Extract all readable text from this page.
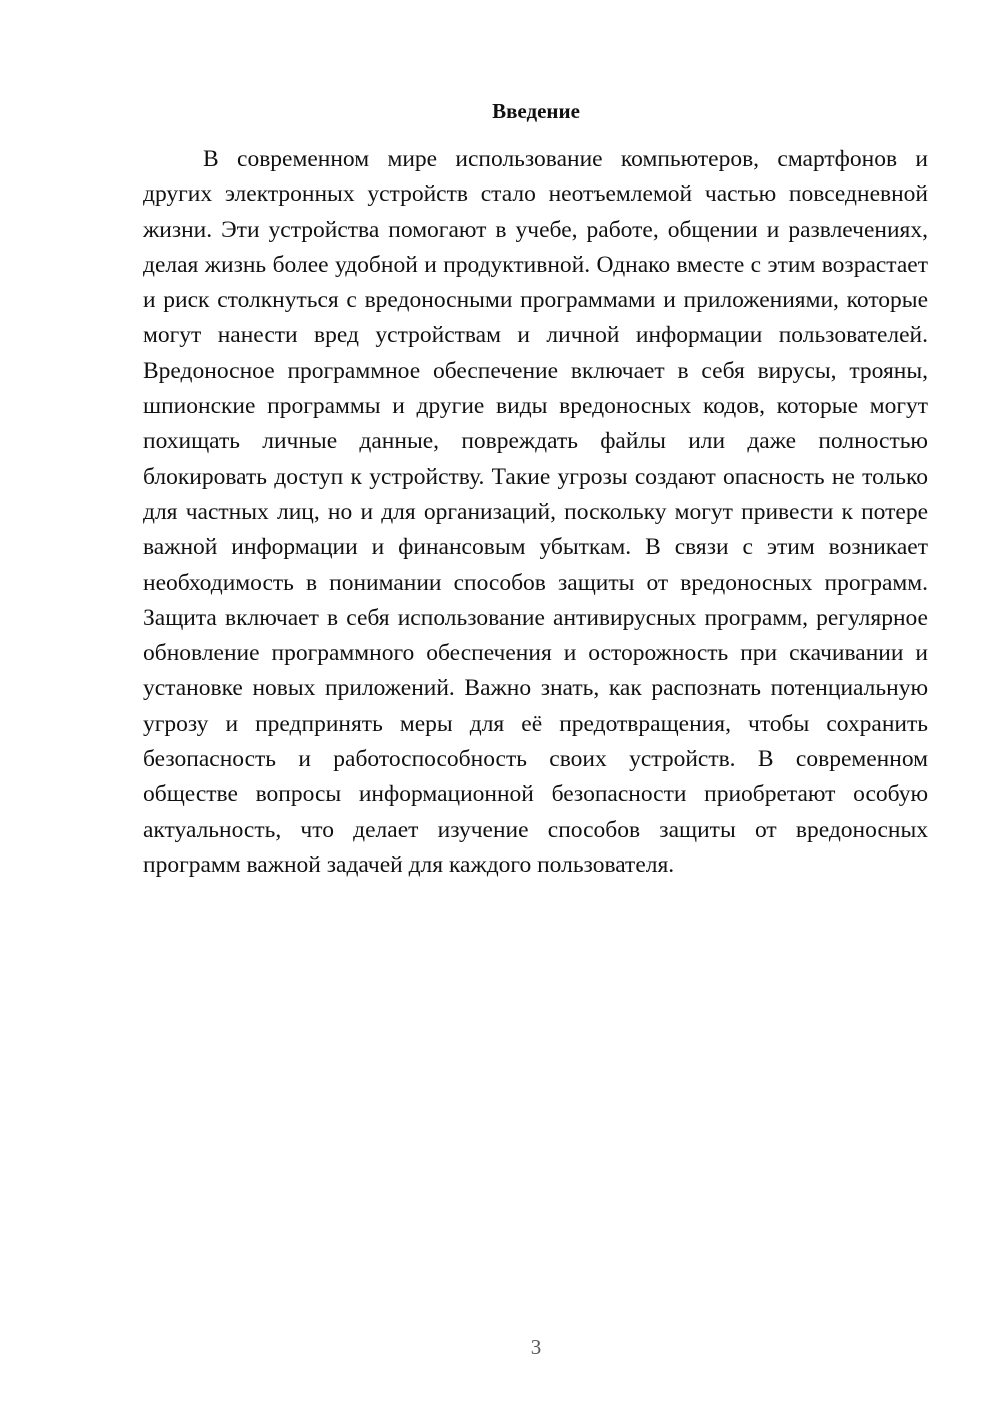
Введение

В современном мире использование компьютеров, смартфонов и других электронных устройств стало неотъемлемой частью повседневной жизни. Эти устройства помогают в учебе, работе, общении и развлечениях, делая жизнь более удобной и продуктивной. Однако вместе с этим возрастает и риск столкнуться с вредоносными программами и приложениями, которые могут нанести вред устройствам и личной информации пользователей. Вредоносное программное обеспечение включает в себя вирусы, трояны, шпионские программы и другие виды вредоносных кодов, которые могут похищать личные данные, повреждать файлы или даже полностью блокировать доступ к устройству. Такие угрозы создают опасность не только для частных лиц, но и для организаций, поскольку могут привести к потере важной информации и финансовым убыткам. В связи с этим возникает необходимость в понимании способов защиты от вредоносных программ. Защита включает в себя использование антивирусных программ, регулярное обновление программного обеспечения и осторожность при скачивании и установке новых приложений. Важно знать, как распознать потенциальную угрозу и предпринять меры для её предотвращения, чтобы сохранить безопасность и работоспособность своих устройств. В современном обществе вопросы информационной безопасности приобретают особую актуальность, что делает изучение способов защиты от вредоносных программ важной задачей для каждого пользователя.

3
